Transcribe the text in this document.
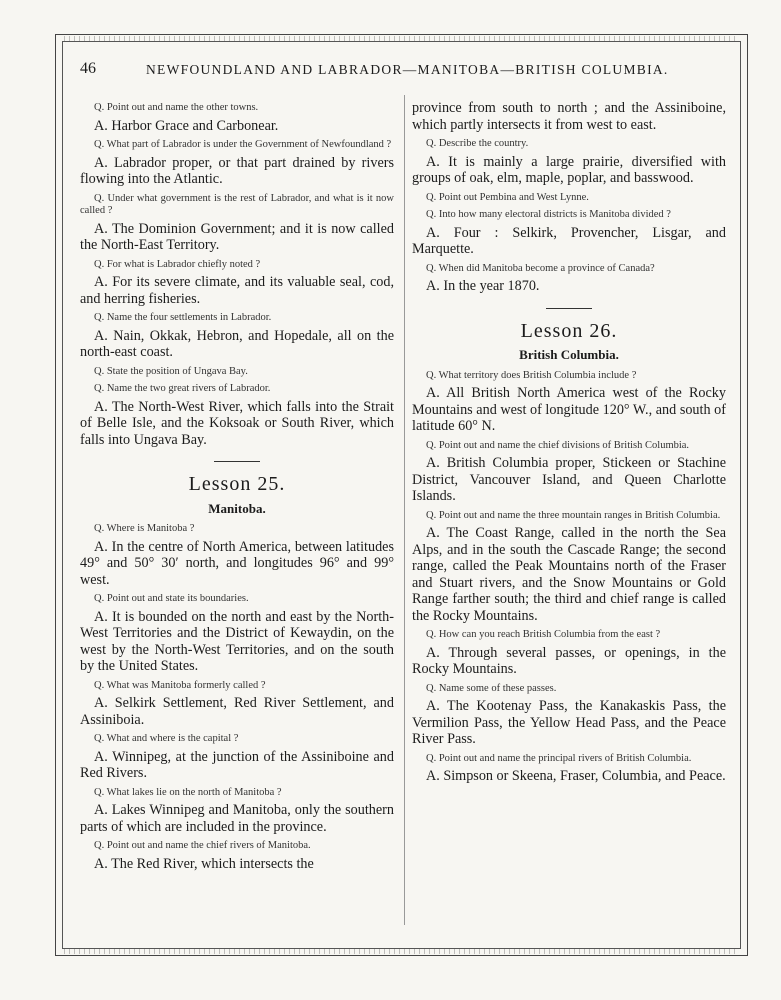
46	NEWFOUNDLAND AND LABRADOR—MANITOBA—BRITISH COLUMBIA.

Q. Point out and name the other towns.

A. Harbor Grace and Carbonear.

Q. What part of Labrador is under the Government of Newfoundland ?

A. Labrador proper, or that part drained by rivers flowing into the Atlantic.

Q. Under what government is the rest of Labrador, and what is it now called ?

A. The Dominion Government; and it is now called the North-East Territory.

Q. For what is Labrador chiefly noted ?

A. For its severe climate, and its valuable seal, cod, and herring fisheries.

Q. Name the four settlements in Labrador.

A. Nain, Okkak, Hebron, and Hopedale, all on the north-east coast.

Q. State the position of Ungava Bay.

Q. Name the two great rivers of Labrador.

A. The North-West River, which falls into the Strait of Belle Isle, and the Koksoak or South River, which falls into Ungava Bay.

Lesson 25.
Manitoba.

Q. Where is Manitoba ?

A. In the centre of North America, between latitudes 49° and 50° 30′ north, and longitudes 96° and 99° west.

Q. Point out and state its boundaries.

A. It is bounded on the north and east by the North-West Territories and the District of Kewaydin, on the west by the North-West Territories, and on the south by the United States.

Q. What was Manitoba formerly called ?

A. Selkirk Settlement, Red River Settlement, and Assiniboia.

Q. What and where is the capital ?

A. Winnipeg, at the junction of the Assiniboine and Red Rivers.

Q. What lakes lie on the north of Manitoba ?

A. Lakes Winnipeg and Manitoba, only the southern parts of which are included in the province.

Q. Point out and name the chief rivers of Manitoba.

A. The Red River, which intersects the

province from south to north ; and the Assiniboine, which partly intersects it from west to east.

Q. Describe the country.

A. It is mainly a large prairie, diversified with groups of oak, elm, maple, poplar, and basswood.

Q. Point out Pembina and West Lynne.

Q. Into how many electoral districts is Manitoba divided ?

A. Four : Selkirk, Provencher, Lisgar, and Marquette.

Q. When did Manitoba become a province of Canada?

A. In the year 1870.

Lesson 26.
British Columbia.

Q. What territory does British Columbia include ?

A. All British North America west of the Rocky Mountains and west of longitude 120° W., and south of latitude 60° N.

Q. Point out and name the chief divisions of British Columbia.

A. British Columbia proper, Stickeen or Stachine District, Vancouver Island, and Queen Charlotte Islands.

Q. Point out and name the three mountain ranges in British Columbia.

A. The Coast Range, called in the north the Sea Alps, and in the south the Cascade Range; the second range, called the Peak Mountains north of the Fraser and Stuart rivers, and the Snow Mountains or Gold Range farther south; the third and chief range is called the Rocky Mountains.

Q. How can you reach British Columbia from the east ?

A. Through several passes, or openings, in the Rocky Mountains.

Q. Name some of these passes.

A. The Kootenay Pass, the Kanakaskis Pass, the Vermilion Pass, the Yellow Head Pass, and the Peace River Pass.

Q. Point out and name the principal rivers of British Columbia.

A. Simpson or Skeena, Fraser, Columbia, and Peace.
